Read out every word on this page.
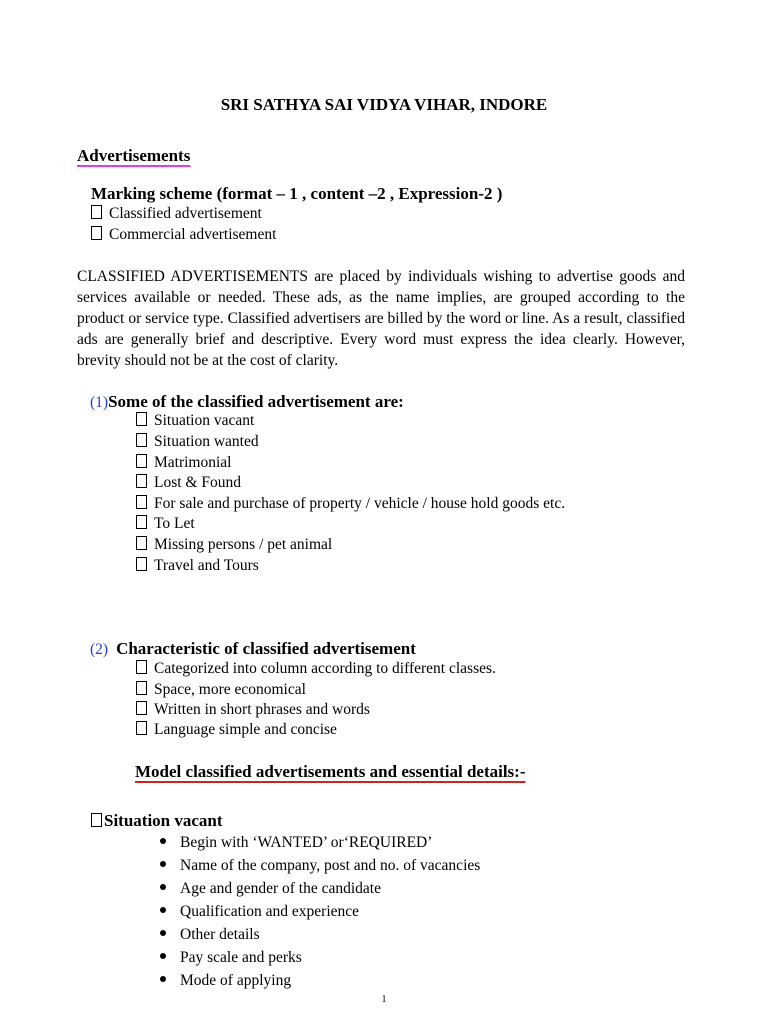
SRI SATHYA SAI VIDYA VIHAR, INDORE
Advertisements
Marking scheme (format – 1 , content –2 , Expression-2 )
Classified advertisement
Commercial advertisement
CLASSIFIED ADVERTISEMENTS are placed by individuals wishing to advertise goods and services available or needed. These ads, as the name implies, are grouped according to the product or service type. Classified advertisers are billed by the word or line. As a result, classified ads are generally brief and descriptive. Every word must express the idea clearly. However, brevity should not be at the cost of clarity.
(1)Some of the classified advertisement are:
Situation vacant
Situation wanted
Matrimonial
Lost & Found
For sale and purchase of property / vehicle / house hold goods etc.
To Let
Missing persons / pet animal
Travel and Tours
(2) Characteristic of classified advertisement
Categorized into column according to different classes.
Space, more economical
Written in short phrases and words
Language simple and concise
Model classified advertisements and essential details:-
Situation vacant
Begin with ‘WANTED’ or‘REQUIRED’
Name of the company, post and no. of vacancies
Age and gender of the candidate
Qualification and experience
Other details
Pay scale and perks
Mode of applying
1
